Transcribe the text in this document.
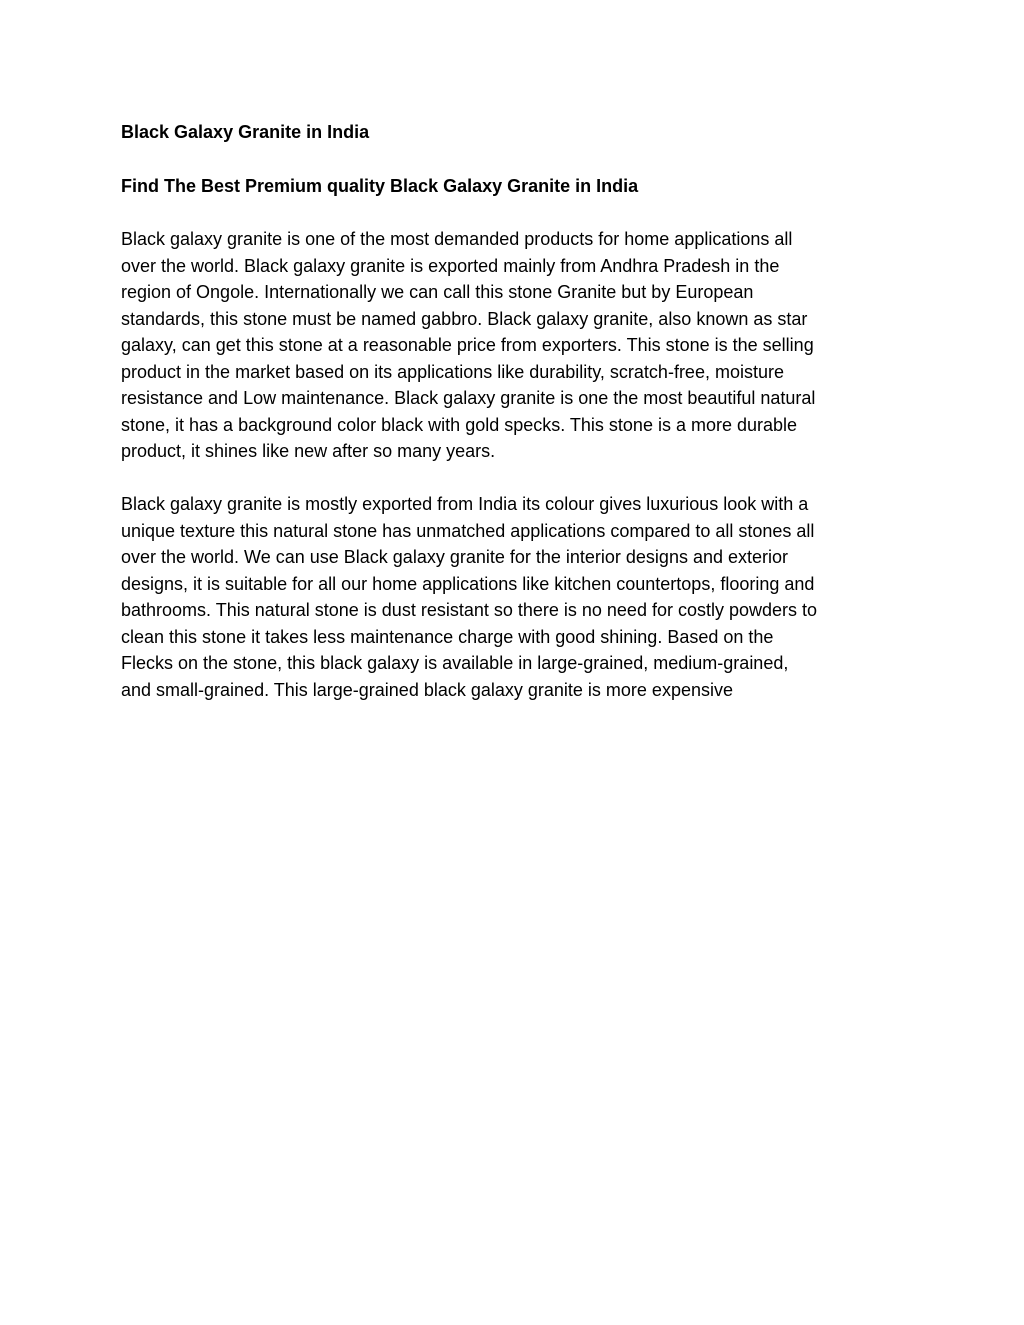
Black Galaxy Granite in India
Find The Best Premium quality Black Galaxy Granite in India

Black galaxy granite is one of the most demanded products for home applications all
over the world. Black galaxy granite is exported mainly from Andhra Pradesh in the
region of Ongole. Internationally we can call this stone Granite but by European
standards, this stone must be named gabbro. Black galaxy granite, also known as star
galaxy, can get this stone at a reasonable price from exporters. This stone is the selling
product in the market based on its applications like durability, scratch-free, moisture
resistance and Low maintenance. Black galaxy granite is one the most beautiful natural
stone, it has a background color black with gold specks. This stone is a more durable
product, it shines like new after so many years.

Black galaxy granite is mostly exported from India its colour gives luxurious look with a
unique texture this natural stone has unmatched applications compared to all stones all
over the world. We can use Black galaxy granite for the interior designs and exterior
designs, it is suitable for all our home applications like kitchen countertops, flooring and
bathrooms. This natural stone is dust resistant so there is no need for costly powders to
clean this stone it takes less maintenance charge with good shining. Based on the
Flecks on the stone, this black galaxy is available in large-grained, medium-grained,
and small-grained. This large-grained black galaxy granite is more expensive
